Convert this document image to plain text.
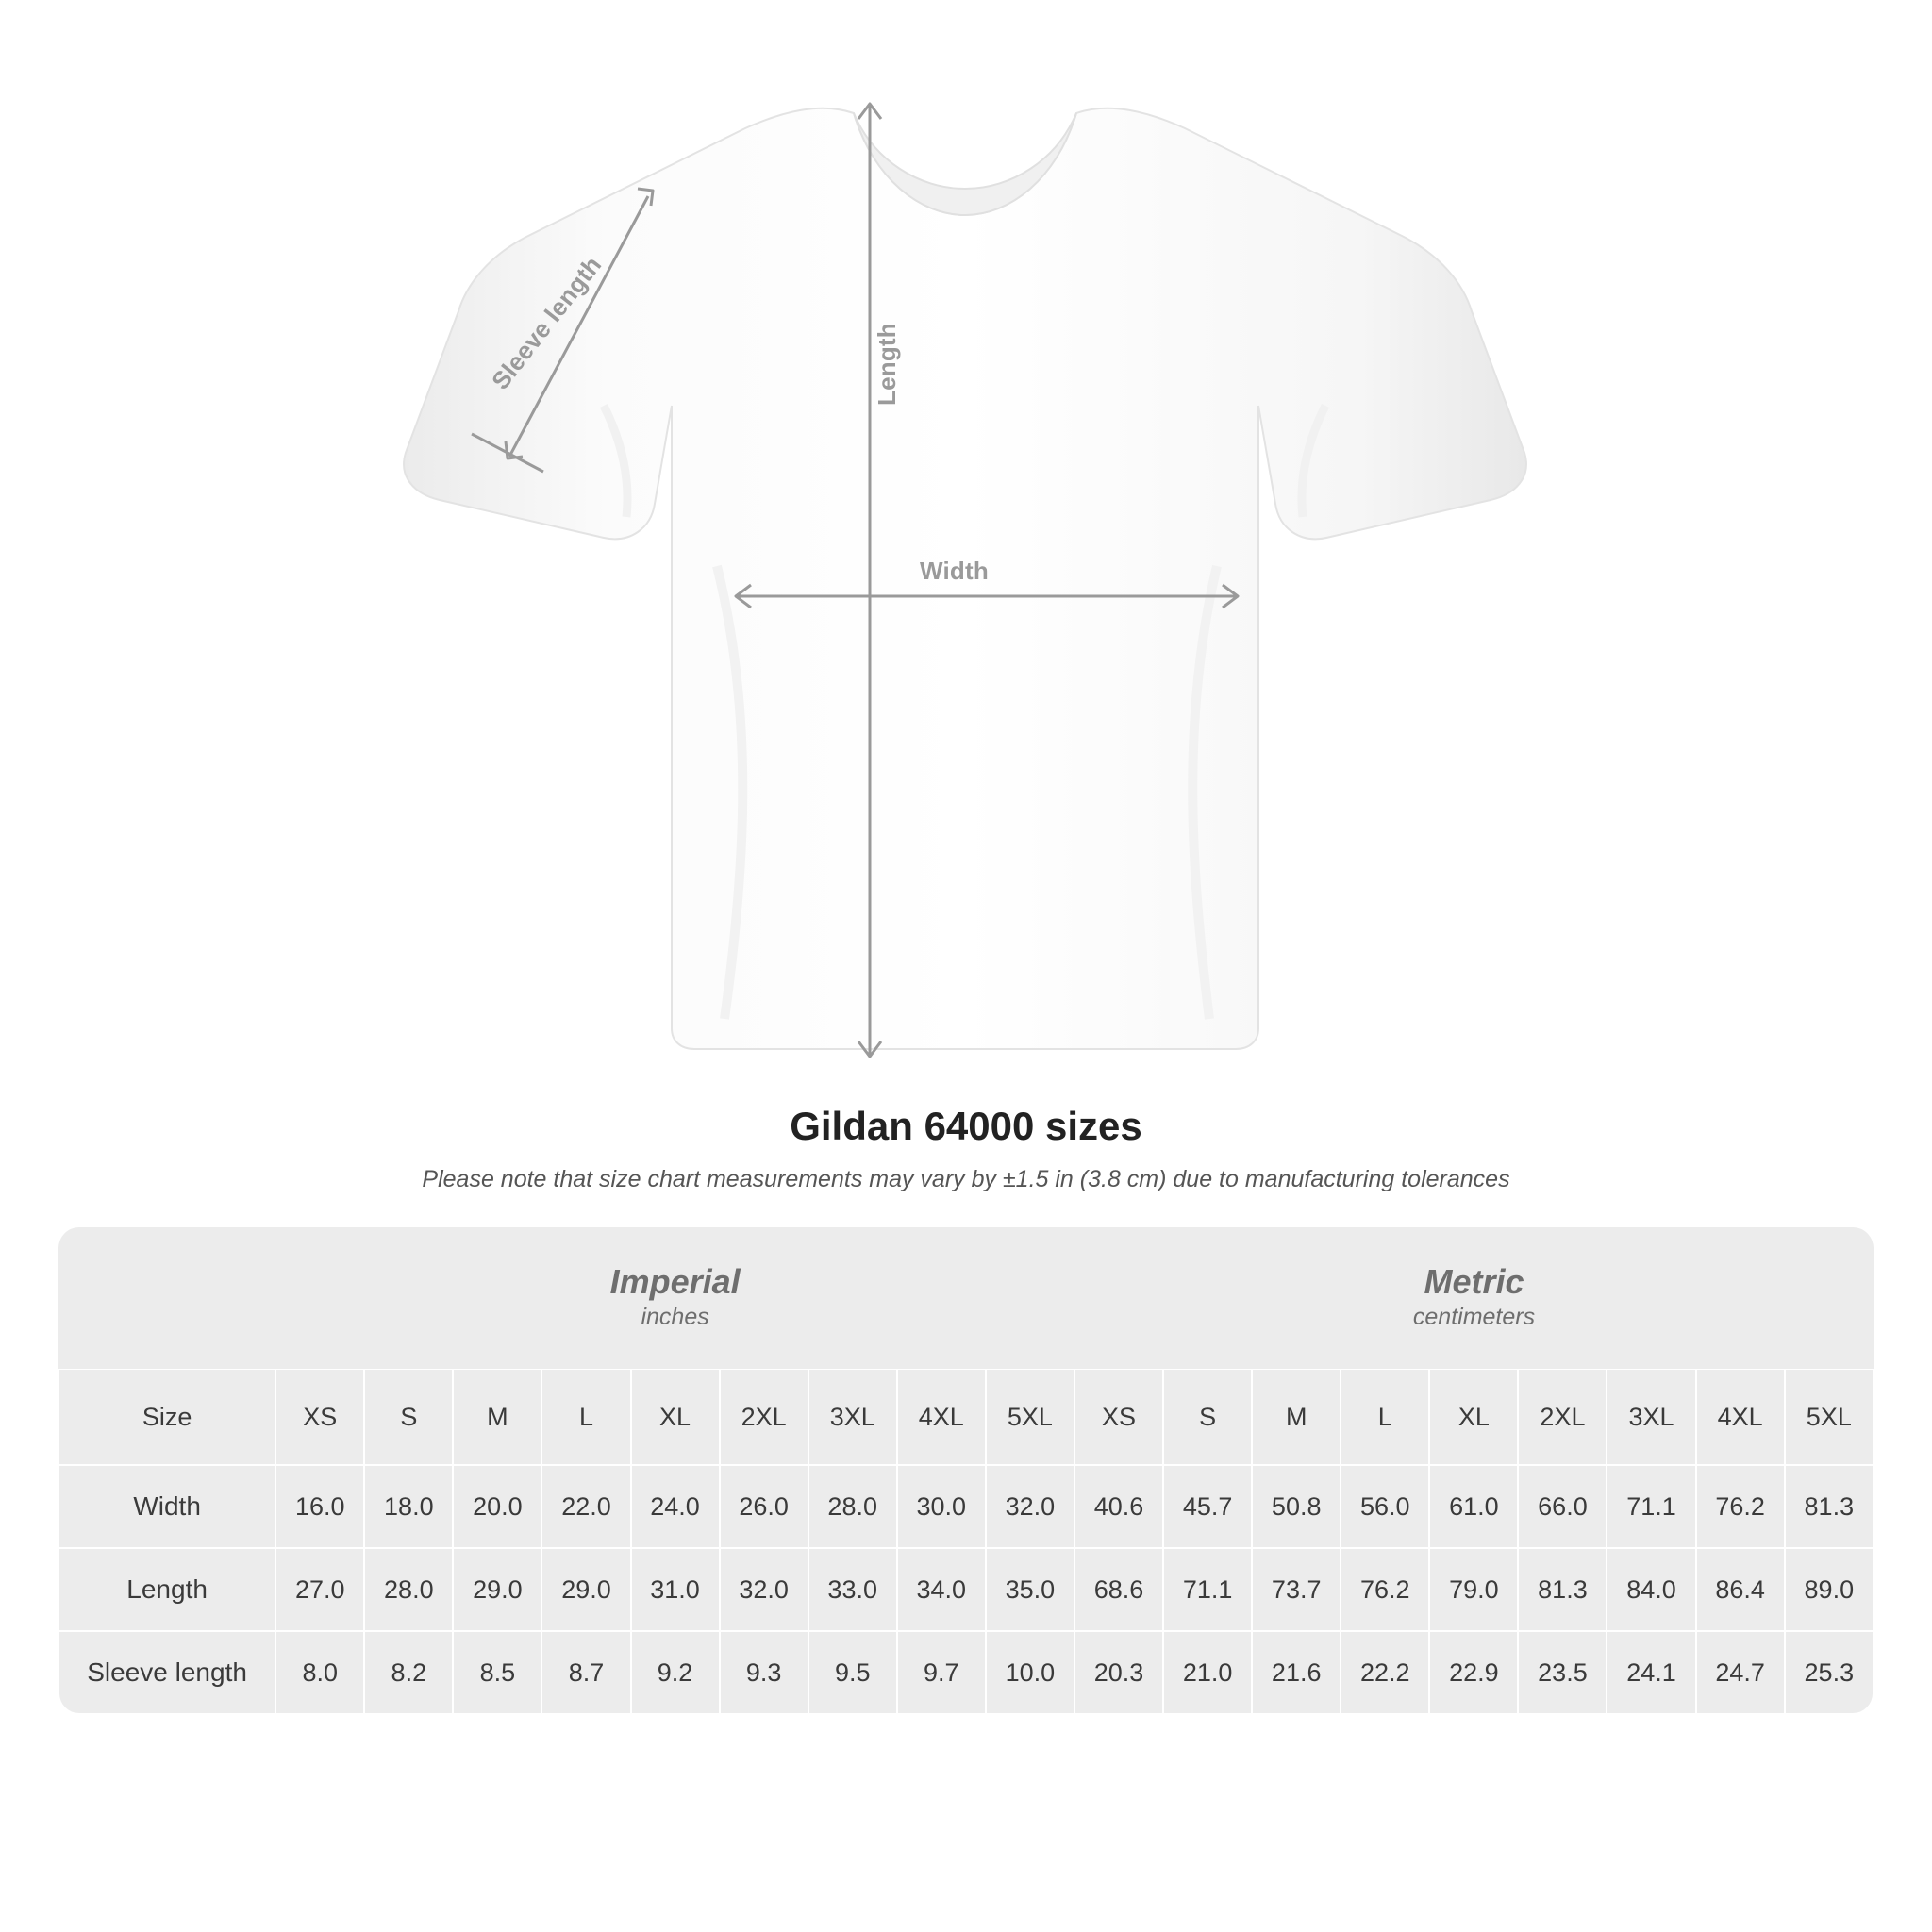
Length
Width
Sleeve length
Gildan 64000 sizes

Please note that size chart measurements may vary by ±1.5 in (3.8 cm) due to manufacturing tolerances

	Imperial
inches									Metric
centimeters								

Size	XS	S	M	L	XL	2XL	3XL	4XL	5XL	XS	S	M	L	XL	2XL	3XL	4XL	5XL
Width	16.0	18.0	20.0	22.0	24.0	26.0	28.0	30.0	32.0	40.6	45.7	50.8	56.0	61.0	66.0	71.1	76.2	81.3
Length	27.0	28.0	29.0	29.0	31.0	32.0	33.0	34.0	35.0	68.6	71.1	73.7	76.2	79.0	81.3	84.0	86.4	89.0
Sleeve length	8.0	8.2	8.5	8.7	9.2	9.3	9.5	9.7	10.0	20.3	21.0	21.6	22.2	22.9	23.5	24.1	24.7	25.3
